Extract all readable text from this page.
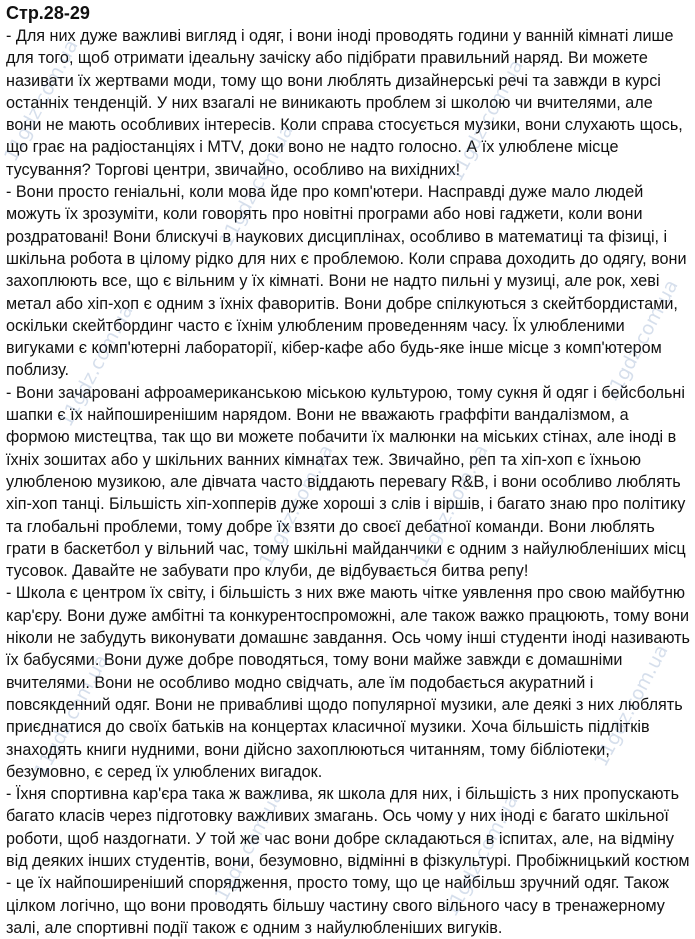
Стр.28-29

- Для них дуже важливі вигляд і одяг, і вони іноді проводять години у ванній кімнаті лише для того, щоб отримати ідеальну зачіску або підібрати правильний наряд. Ви можете називати їх жертвами моди, тому що вони люблять дизайнерські речі та завжди в курсі останніх тенденцій. У них взагалі не виникають проблем зі школою чи вчителями, але вони не мають особливих інтересів. Коли справа стосується музики, вони слухають щось, що грає на радіостанціях і MTV, доки воно не надто голосно. А їх улюблене місце тусування? Торгові центри, звичайно, особливо на вихідних!

- Вони просто геніальні, коли мова йде про комп'ютери. Насправді дуже мало людей можуть їх зрозуміти, коли говорять про новітні програми або нові гаджети, коли вони роздратовані! Вони блискучі в наукових дисциплінах, особливо в математиці та фізиці, і шкільна робота в цілому рідко для них є проблемою. Коли справа доходить до одягу, вони захоплюють все, що є вільним у їх кімнаті. Вони не надто пильні у музиці, але рок, хеві метал або хіп-хоп є одним з їхніх фаворитів. Вони добре спілкуються з скейтбордистами, оскільки скейтбординг часто є їхнім улюбленим проведенням часу. Їх улюбленими вигуками є комп'ютерні лабораторії, кібер-кафе або будь-яке інше місце з комп'ютером поблизу.

- Вони зачаровані афроамериканською міською культурою, тому сукня й одяг і бейсбольні шапки є їх найпоширенішим нарядом. Вони не вважають граффіти вандалізмом, а формою мистецтва, так що ви можете побачити їх малюнки на міських стінах, але іноді в їхніх зошитах або у шкільних ванних кімнатах теж. Звичайно, реп та хіп-хоп є їхньою улюбленою музикою, але дівчата часто віддають перевагу R&B, і вони особливо люблять хіп-хоп танці. Більшість хіп-хопперів дуже хороші з слів і віршів, і багато знаю про політику та глобальні проблеми, тому добре їх взяти до своєї дебатної команди. Вони люблять грати в баскетбол у вільний час, тому шкільні майданчики є одним з найулюбленіших місц тусовок. Давайте не забувати про клуби, де відбувається битва репу!

- Школа є центром їх світу, і більшість з них вже мають чітке уявлення про свою майбутню кар'єру. Вони дуже амбітні та конкурентоспроможні, але також важко працюють, тому вони ніколи не забудуть виконувати домашнє завдання. Ось чому інші студенти іноді називають їх бабусями. Вони дуже добре поводяться, тому вони майже завжди є домашніми вчителями. Вони не особливо модно свідчать, але їм подобається акуратний і повсякденний одяг. Вони не привабливі щодо популярної музики, але деякі з них люблять приєднатися до своїх батьків на концертах класичної музики. Хоча більшість підлітків знаходять книги нудними, вони дійсно захоплюються читанням, тому бібліотеки, безумовно, є серед їх улюблених вигадок.

- Їхня спортивна кар'єра така ж важлива, як школа для них, і більшість з них пропускають багато класів через підготовку важливих змагань. Ось чому у них іноді є багато шкільної роботи, щоб наздогнати. У той же час вони добре складаються в іспитах, але, на відміну від деяких інших студентів, вони, безумовно, відмінні в фізкультурі. Пробіжницький костюм - це їх найпоширеніший спорядження, просто тому, що це найбільш зручний одяг. Також цілком логічно, що вони проводять більшу частину свого вільного часу в тренажерному залі, але спортивні події також є одним з найулюбленіших вигуків.

11gdz.com.ua
11gdz.com.ua
11gdz.com.ua
11gdz.com.ua
11gdz.com.ua
11gdz.com.ua
11gdz.com.ua
11gdz.com.ua
11gdz.com.ua
11gdz.com.ua
11gdz.com.ua
